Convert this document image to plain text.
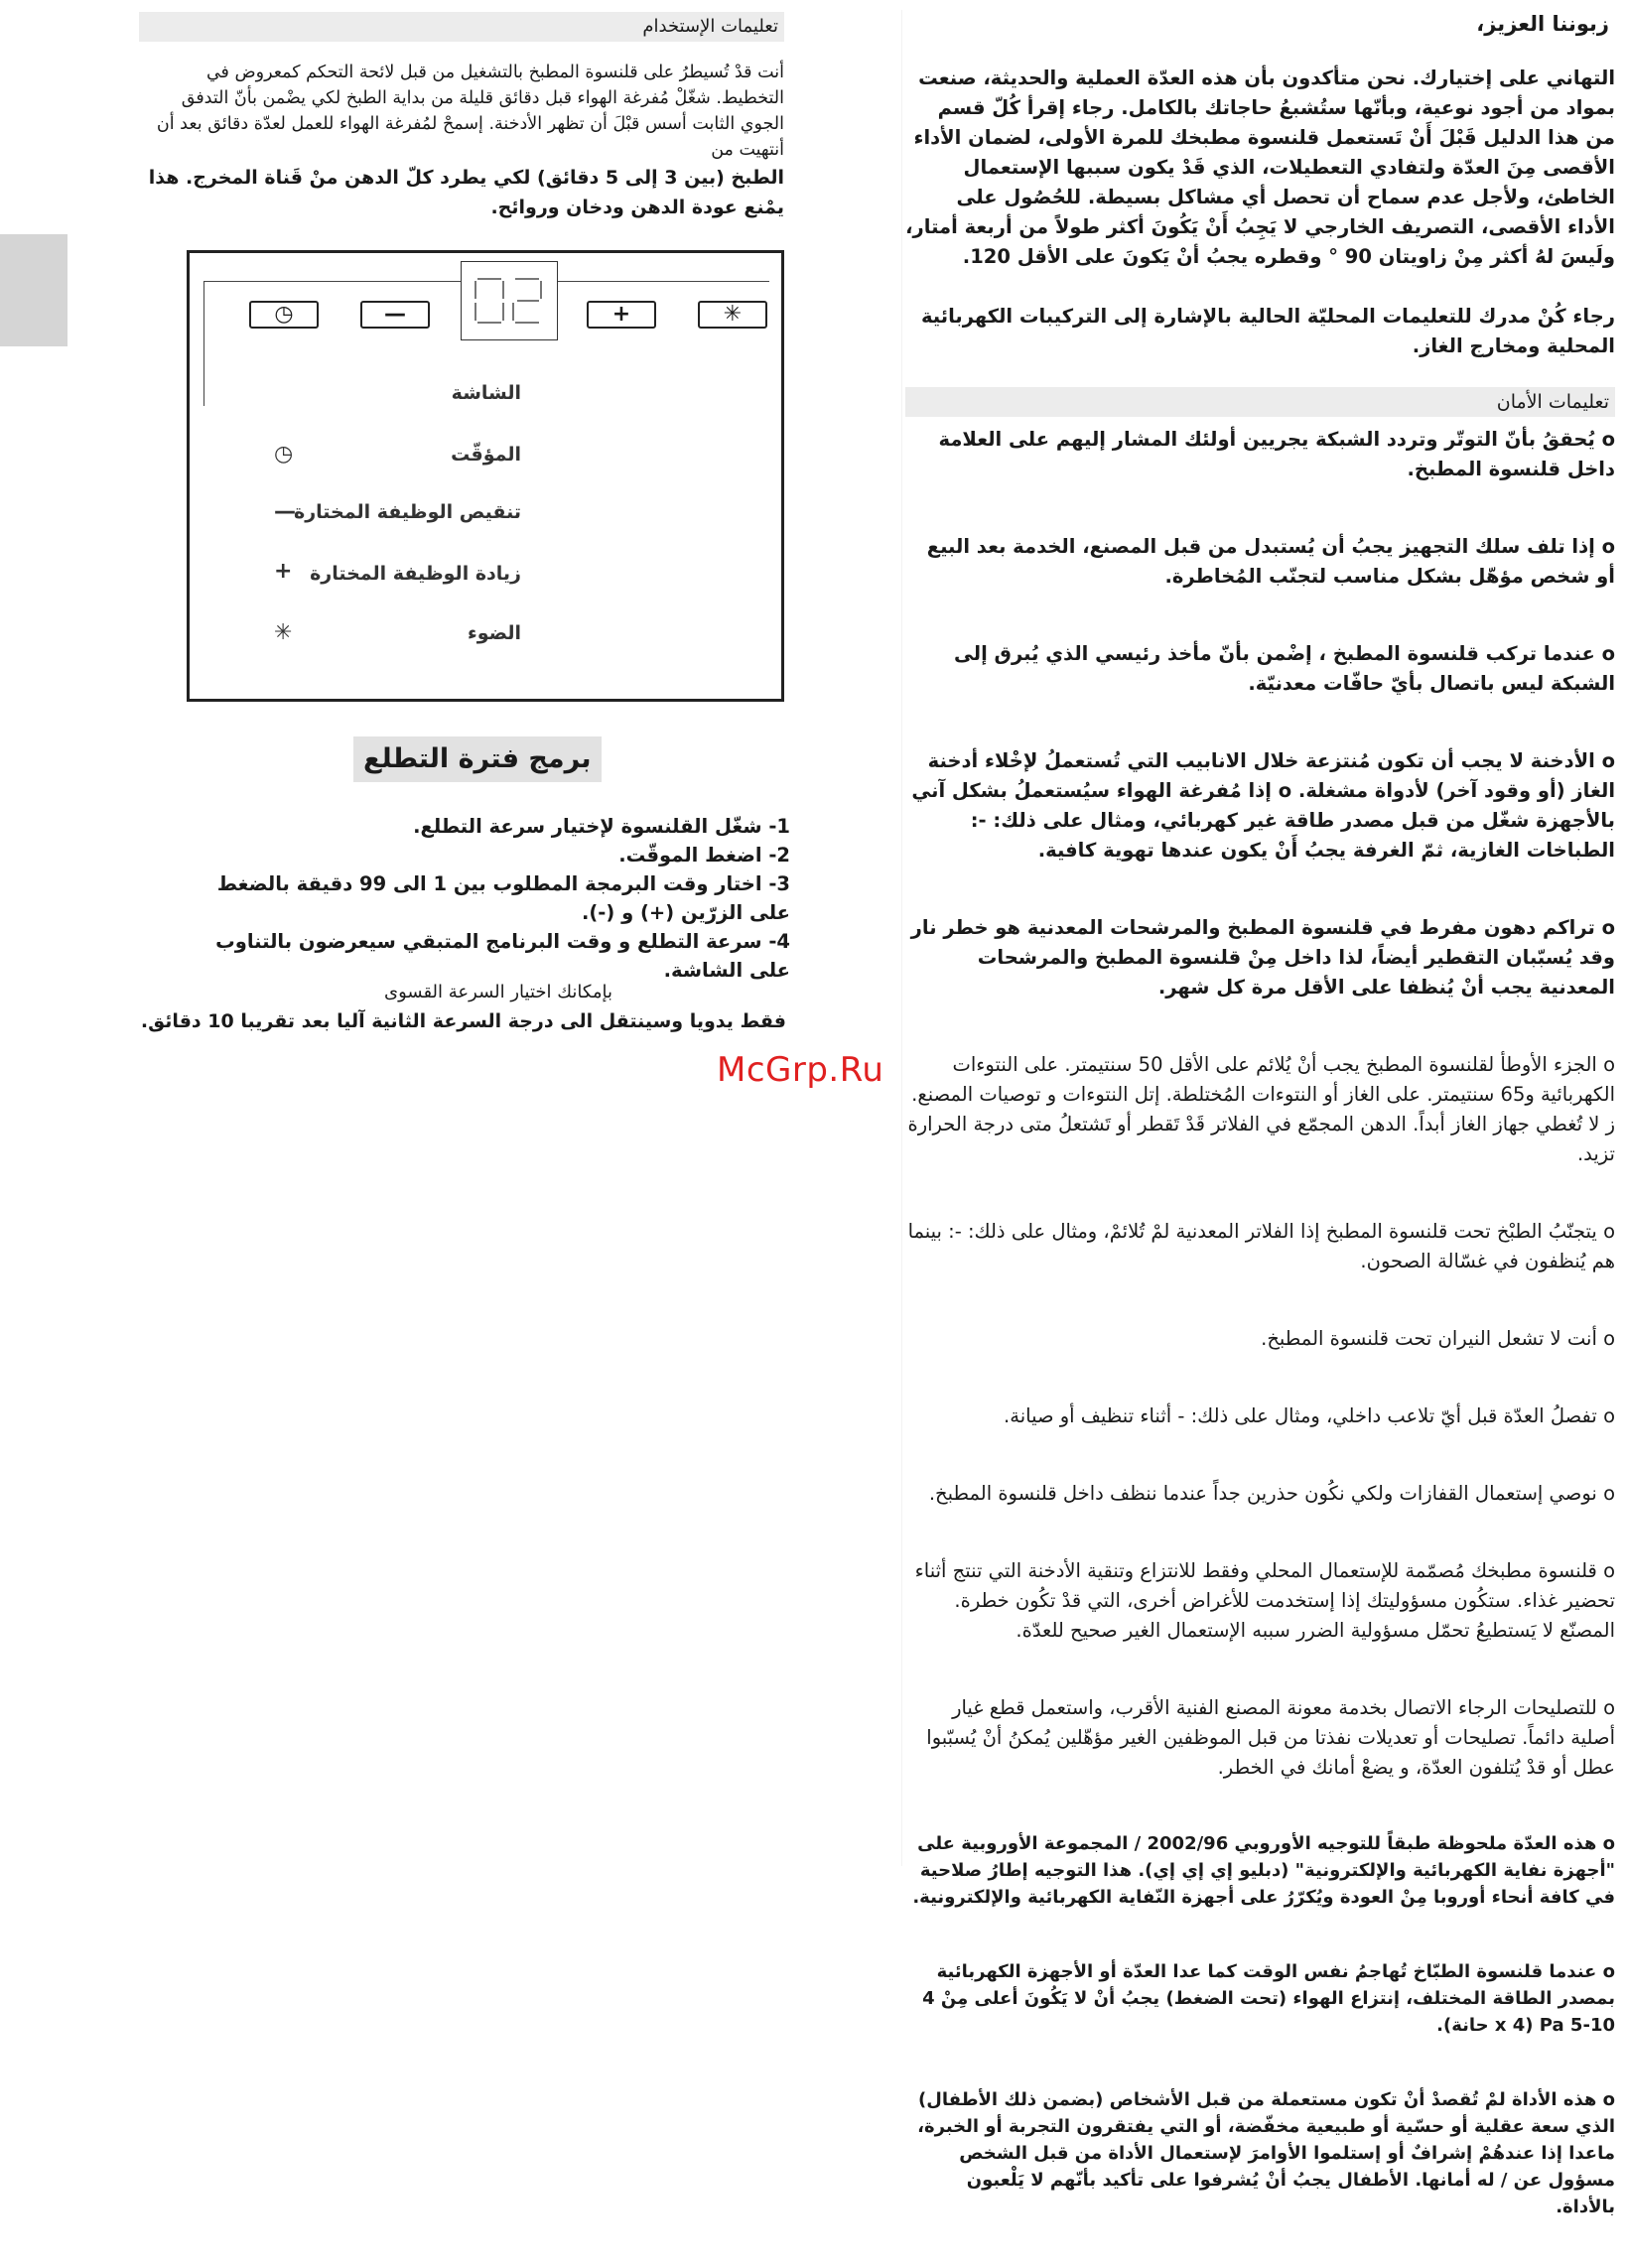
زبوننا العزيز،

التهاني على إختيارك. نحن متأكدون بأن هذه العدّة العملية والحديثة، صنعت بمواد من أجود نوعية، وبأنّها ستُشبعُ حاجاتك بالكامل. رجاء إقرأ كُلّ قسم من هذا الدليل قَبْلَ أَنْ تَستعمل قلنسوة مطبخك للمرة الأولى، لضمان الأداء الأقصى مِنَ العدّة ولتفادي التعطيلات، الذي قَدْ يكون سببها الإستعمال الخاطئ، ولأجل عدم سماح أن تحصل أي مشاكل بسيطة. للحُصُول على الأداء الأقصى، التصريف الخارجي لا يَجِبُ أَنْ يَكُونَ أكثر طولاً من أربعة أمتار، ولَيسَ لهُ أكثر مِنْ زاويتان 90 ° وقطره يجبُ أنْ يَكونَ على الأقل 120.

رجاء كُنْ مدرك للتعليمات المحليّة الحالية بالإشارة إلى التركيبات الكهربائية المحلية ومخارج الغاز.

تعليمات الأمان

o يُحققُ بأنّ التوتّر وتردد الشبكة يجريين أولئك المشار إليهم على العلامة داخل قلنسوة المطبخ.

o إذا تلف سلك التجهيز يجبُ أن يُستبدل من قبل المصنع، الخدمة بعد البيع أو شخص مؤهّل بشكل مناسب لتجنّب المُخاطرة.

o عندما تركب قلنسوة المطبخ ، إضْمن بأنّ مأخذ رئيسي الذي يُبرق إلى الشبكة ليس باتصال بأيّ حافّات معدنيّة.

o الأدخنة لا يجب أن تكون مُنتزعة خلال الانابيب التي تُستعملُ لإخْلاء أدخنة الغاز (أو وقود آخر) لأدواة مشغلة. o إذا مُفرغة الهواء سيُستعملُ بشكل آني بالأجهزة شغّل من قبل مصدر طاقة غير كهربائي، ومثال على ذلك: -: الطباخات الغازية، ثمّ الغرفة يجبُ أَنْ يكون عندها تهوية كافية.

o تراكم دهون مفرط في قلنسوة المطبخ والمرشحات المعدنية هو خطر نار وقد يُسبّبان التقطير أيضاً، لذا داخل مِنْ قلنسوة المطبخ والمرشحات المعدنية يجب أنْ يُنظفا على الأقل مرة كل شهر.

o الجزء الأوطأ لقلنسوة المطبخ يجب أنْ يُلائم على الأقل 50 سنتيمتر. على النتوءات الكهربائية و65 سنتيمتر. على الغاز أو النتوءات المُختلطة. إتل النتوءات و توصيات المصنع. ز لا تُغطي جهاز الغاز أبداً. الدهن المجمّع في الفلاتر قَدْ تَقطر أو تَشتعلُ متى درجة الحرارة تزيد.

o يتجنّبُ الطبْخ تحت قلنسوة المطبخ إذا الفلاتر المعدنية لمْ تُلائمْ، ومثال على ذلك: -: بينما هم يُنظفون في غسّالة الصحون.

o أنت لا تشعل النيران تحت قلنسوة المطبخ.

o تفصلُ العدّة قبل أيّ تلاعب داخلي، ومثال على ذلك: - أثناء تنظيف أو صيانة.

o نوصي إستعمال القفازات ولكي نكُون حذرين جداً عندما ننظف داخل قلنسوة المطبخ.

o قلنسوة مطبخك مُصمّمة للإستعمال المحلي وفقط للانتزاع وتنقية الأدخنة التي تنتج أثناء تحضير غذاء. ستكُون مسؤوليتك إذا إستخدمت للأغراض أخرى، التي قدْ تكُون خطرة. المصنّع لا يَستطيعُ تحمّل مسؤولية الضرر سببه الإستعمال الغير صحيح للعدّة.

o للتصليحات الرجاء الاتصال بخدمة معونة المصنع الفنية الأقرب، واستعمل قطع غيار أصلية دائماً. تصليحات أو تعديلات نفذتا من قبل الموظفين الغير مؤهّلين يُمكنُ أنْ يُسبّبوا عطل أو قدْ يُتلفون العدّة، و يضعْ أمانك في الخطر.

o هذه العدّة ملحوظة طبقاً للتوجيه الأوروبي 2002/96 / المجموعة الأوروبية على "أجهزة نفاية الكهربائية والإلكترونية" (دبليو إي إي إي). هذا التوجيه إطارُ صلاحية في كافة أنحاء أوروبا مِنْ العودة ويُكرّرُ على أجهزة النّفاية الكهربائية والإلكترونية.

o عندما قلنسوة الطبّاخ تُهاجمُ نفس الوقت كما عدا العدّة أو الأجهزة الكهربائية بمصدر الطاقة المختلف، إنتزاع الهواء (تحت الضغط) يجبُ أنْ لا يَكُونَ أعلى مِنْ 4 10-5 x 4) Pa حانة).

o هذه الأداة لمْ تُقصدْ أنْ تكون مستعملة من قبل الأشخاص (بضمن ذلك الأطفال) الذي سعة عقلية أو حسّية أو طبيعية مخفّضة، أو التي يفتقرون التجربة أو الخبرة، ماعدا إذا عندهُمْ إشرافٌ أو إستلموا الأوامرَ لإستعمال الأداة من قبل الشخص مسؤول عن / له أمانها. الأطفال يجبُ أنْ يُشرفوا على تأكيد بأنّهم لا يَلْعبون بالأداة.

تعليمات الإستخدام

أنت قدْ تُسيطرُ على قلنسوة المطبخ بالتشغيل من قبل لائحة التحكم كمعروض في التخطيط. شغّلْ مُفرغة الهواء قبل دقائق قليلة من بداية الطبخ لكي يضْمن بأنّ التدفق الجوي الثابت أسس قبْلَ أن تظهر الأدخنة. إسمحْ لمُفرغة الهواء للعمل لعدّة دقائق بعد أن أنتهيت من

الطبخ (بين 3 إلى 5 دقائق) لكي يطرد كلّ الدهن منْ قَناة المخرج. هذا يمْنع عودة الدهن ودخان وروائح.

◷	—	+	✳
الشاشة
المؤقّت
◷
تنقيص الوظيفة المختارة
—
زيادة الوظيفة المختارة
+
الضوء
✳
برمج فترة التطلع

1- شغّل القلنسوة لإختيار سرعة التطلع.

2- اضغط الموقّت.

3- اختار وقت البرمجة المطلوب بين 1 الى 99 دقيقة بالضغط على الزرّين (+) و (-).

4- سرعة التطلع و وقت البرنامج المتبقي سيعرضون بالتناوب على الشاشة.

بإمكانك اختيار السرعة القسوى

فقط يدويا وسينتقل الى درجة السرعة الثانية آليا بعد تقريبا 10 دقائق.

McGrp.Ru
